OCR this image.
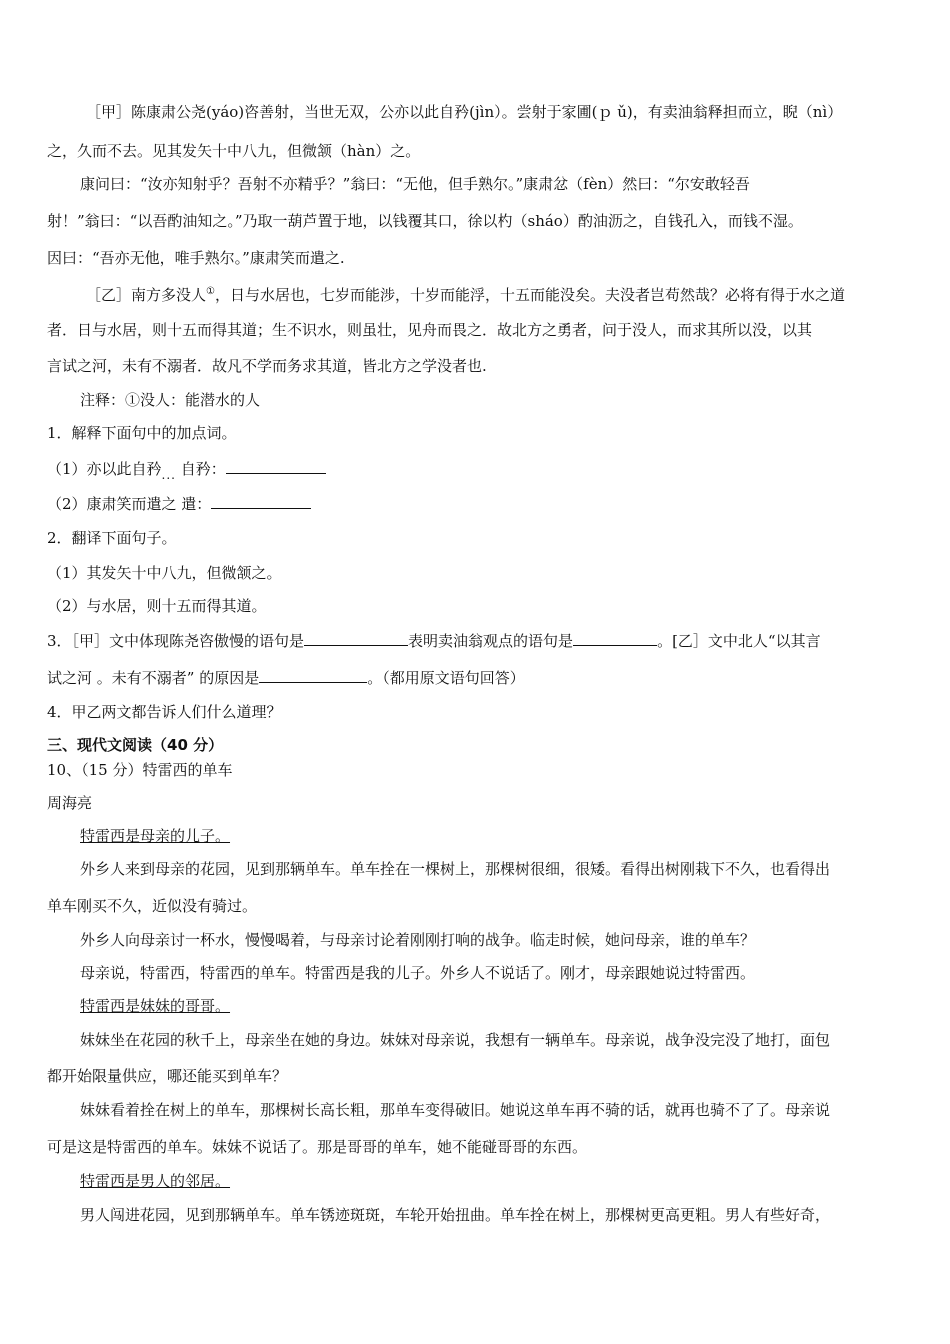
［甲］陈康肃公尧(yáo)咨善射，当世无双，公亦以此自矜(jìn）。尝射于家圃(ｐ ǔ)，有卖油翁释担而立，睨（nì）
之，久而不去。见其发矢十中八九，但微颔（hàn）之。
康问曰：“汝亦知射乎？吾射不亦精乎？”翁曰：“无他，但手熟尔。”康肃忿（fèn）然曰：“尔安敢轻吾
射！”翁曰：“以吾酌油知之。”乃取一葫芦置于地，以钱覆其口，徐以杓（sháo）酌油沥之，自钱孔入，而钱不湿。
因曰：“吾亦无他，唯手熟尔。”康肃笑而遣之.
［乙］南方多没人①，日与水居也，七岁而能涉，十岁而能浮，十五而能没矣。夫没者岂苟然哉？必将有得于水之道
者．日与水居，则十五而得其道；生不识水，则虽壮，见舟而畏之．故北方之勇者，问于没人，而求其所以没，以其
言试之河，未有不溺者．故凡不学而务求其道，皆北方之学没者也.
注释：①没人：能潜水的人
1．解释下面句中的加点词。
（1）亦以此自矜$_{...}$ 自矜：
（2）康肃笑而遣之 遣：
2．翻译下面句子。
（1）其发矢十中八九，但微颔之。
（2）与水居，则十五而得其道。
3．［甲］文中体现陈尧咨傲慢的语句是	表明卖油翁观点的语句是	。[乙］文中北人“以其言
试之河 。未有不溺者” 的原因是	。（都用原文语句回答）
4．甲乙两文都告诉人们什么道理？
三、现代文阅读（40 分）
10、（15 分）特雷西的单车
周海亮
特雷西是母亲的儿子。
外乡人来到母亲的花园，见到那辆单车。单车拴在一棵树上，那棵树很细，很矮。看得出树刚栽下不久，也看得出
单车刚买不久，近似没有骑过。
外乡人向母亲讨一杯水，慢慢喝着，与母亲讨论着刚刚打响的战争。临走时候，她问母亲，谁的单车？
母亲说，特雷西，特雷西的单车。特雷西是我的儿子。外乡人不说话了。刚才，母亲跟她说过特雷西。
特雷西是妹妹的哥哥。
妹妹坐在花园的秋千上，母亲坐在她的身边。妹妹对母亲说，我想有一辆单车。母亲说，战争没完没了地打，面包
都开始限量供应，哪还能买到单车？
妹妹看着拴在树上的单车，那棵树长高长粗，那单车变得破旧。她说这单车再不骑的话，就再也骑不了了。母亲说
可是这是特雷西的单车。妹妹不说话了。那是哥哥的单车，她不能碰哥哥的东西。
特雷西是男人的邻居。
男人闯进花园，见到那辆单车。单车锈迹斑斑，车轮开始扭曲。单车拴在树上，那棵树更高更粗。男人有些好奇，
